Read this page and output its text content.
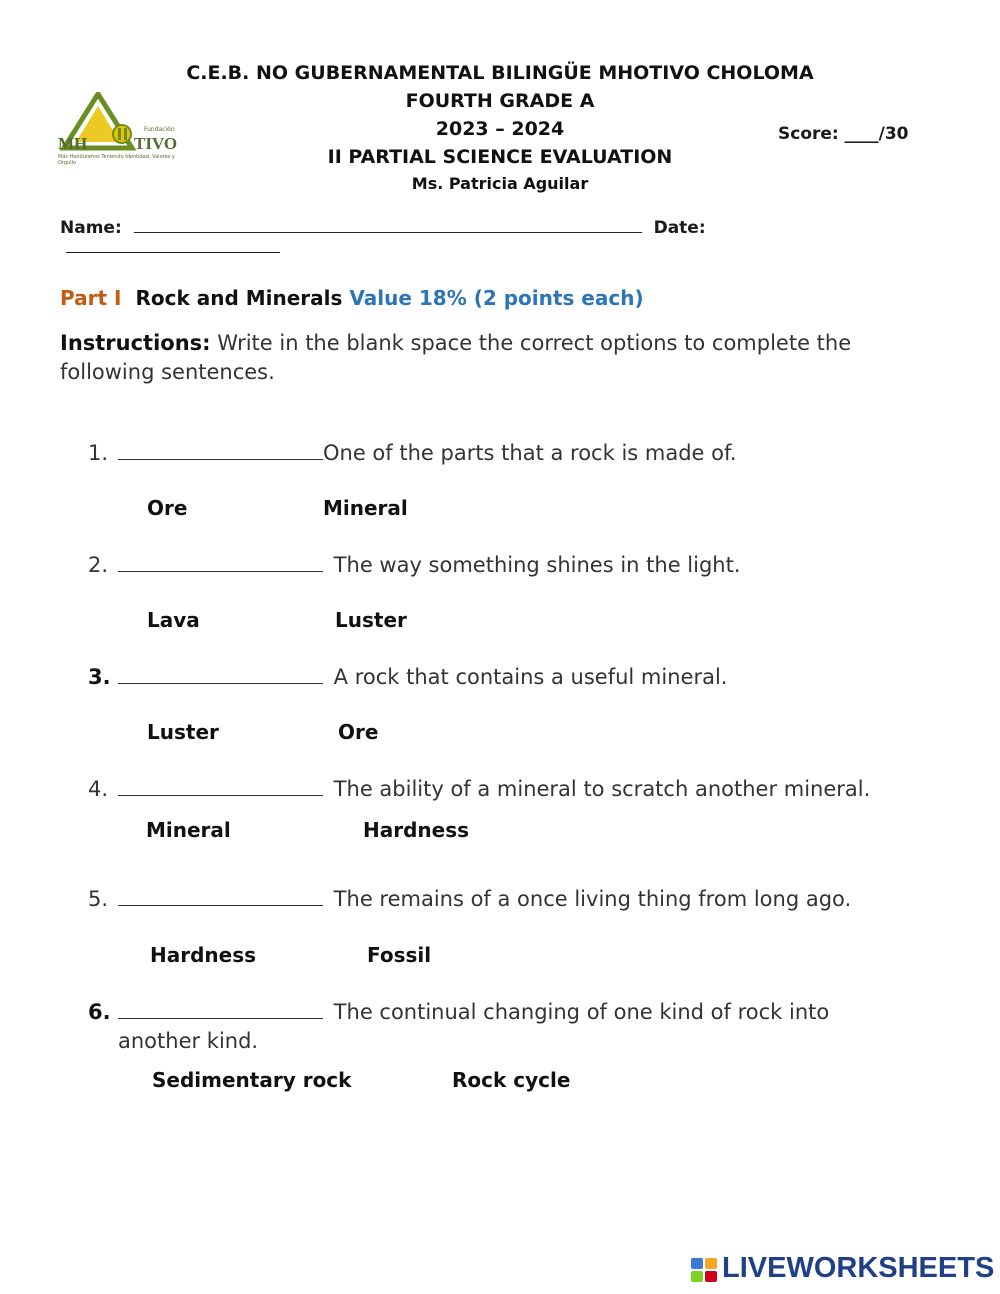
C.E.B. NO GUBERNAMENTAL BILINGÜE MHOTIVO CHOLOMA
FOURTH GRADE A
2023 – 2024
II PARTIAL SCIENCE EVALUATION
Ms. Patricia Aguilar
MH	TIVO
Fundación
Más Hondureños Teniendo Identidad, Valores y Orgullo
Score: ____/30
Name:	Date:
Part I Rock and Minerals Value 18% (2 points each)
Instructions: Write in the blank space the correct options to complete the following sentences.
1.	One of the parts that a rock is made of.
Ore	Mineral
2.	The way something shines in the light.
Lava	Luster
3.	A rock that contains a useful mineral.
Luster	Ore
4.	The ability of a mineral to scratch another mineral.
Mineral	Hardness
5.	The remains of a once living thing from long ago.
Hardness	Fossil
6.	The continual changing of one kind of rock into
another kind.
Sedimentary rock	Rock cycle
LIVEWORKSHEETS
